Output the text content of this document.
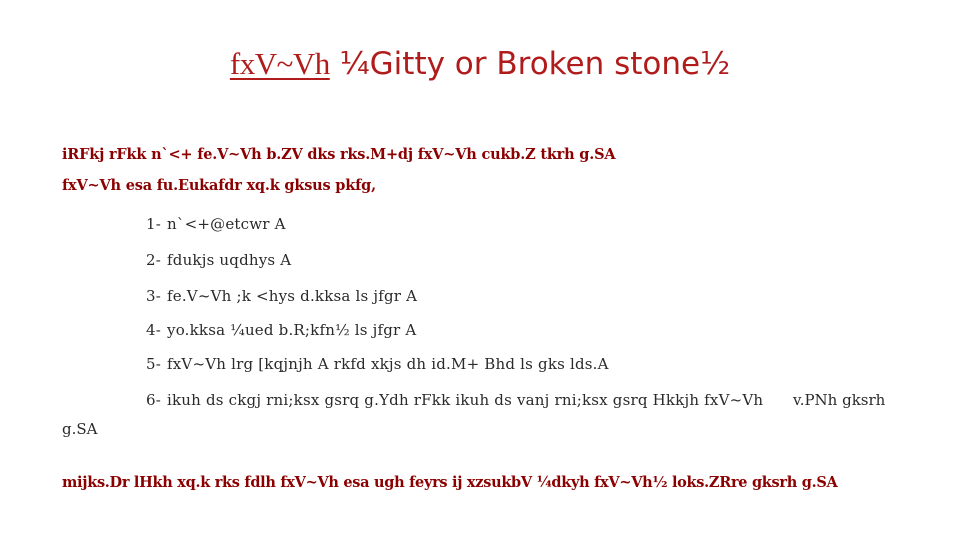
fxV~Vh ¼Gitty or Broken stone½
iRFkj rFkk n`<+ fe.V~Vh b.ZV dks rks.M+dj fxV~Vh cukb.Z tkrh g.SA
fxV~Vh esa fu.Eukafdr xq.k gksus pkfg,
1- n`<+@etcwr A
2- fdukjs uqdhys A
3- fe.V~Vh ;k <hys d.kksa ls jfgr A
4- yo.kksa ¼ued b.R;kfn½ ls jfgr A
5- fxV~Vh lrg [kqjnjh A rkfd xkjs dh id.M+ Bhd ls gks lds.A
6- ikuh ds ckgj rni;ksx gsrq g.Ydh rFkk ikuh ds vanj rni;ksx gsrq Hkkjh fxV~Vh v.PNh gksrh
g.SA
mijks.Dr lHkh xq.k rks fdlh fxV~Vh esa ugh feyrs ij xzsukbV ¼dkyh fxV~Vh½ loks.ZRre gksrh g.SA
